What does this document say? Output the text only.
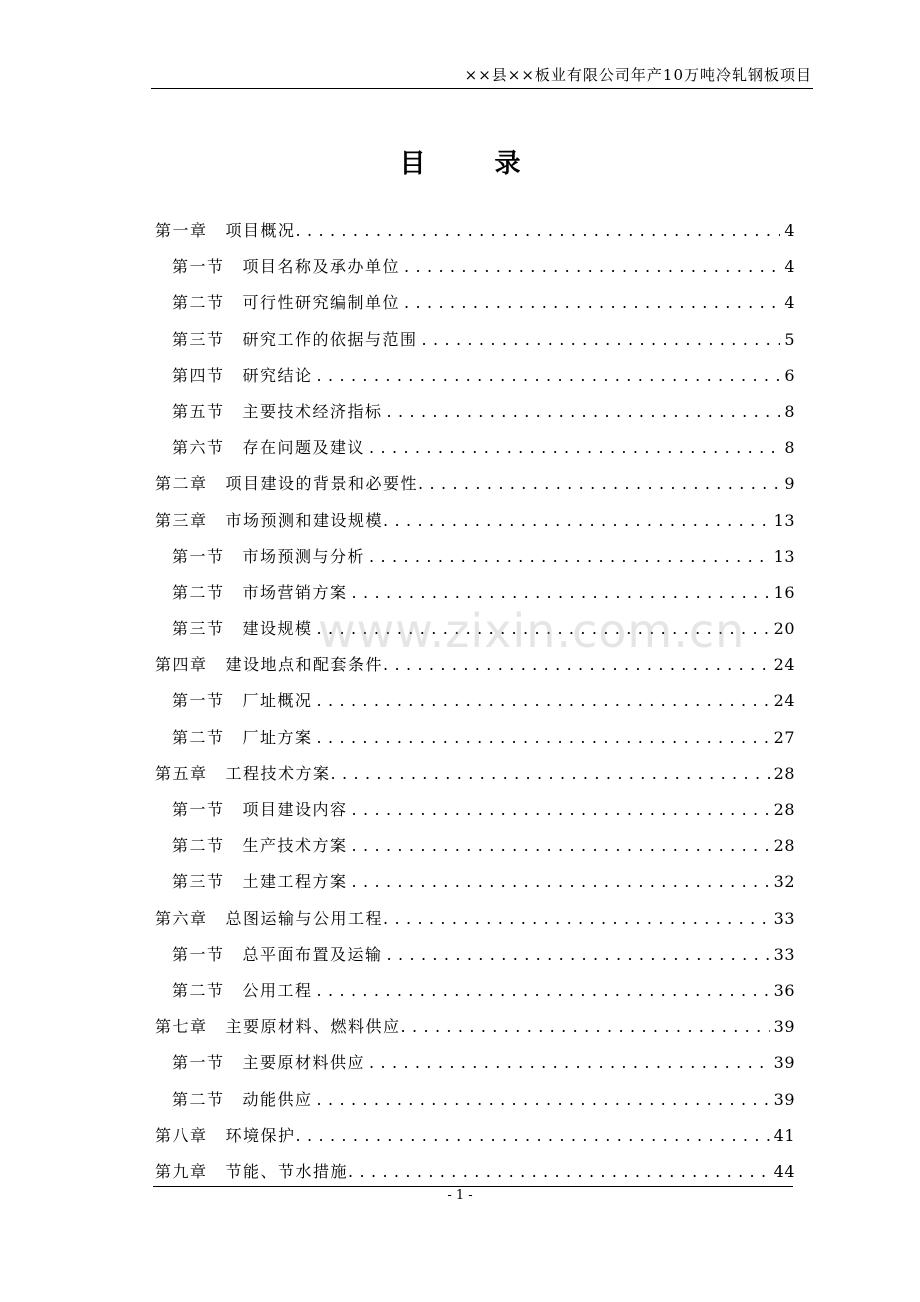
××县××板业有限公司年产10万吨冷轧钢板项目
目 录
第一章 项目概况 . . .	4
第一节 项目名称及承办单位 . . .	4
第二节 可行性研究编制单位 . . .	4
第三节 研究工作的依据与范围 . . .	5
第四节 研究结论 . . .	6
第五节 主要技术经济指标 . . .	8
第六节 存在问题及建议 . . .	8
第二章 项目建设的背景和必要性 . . .	9
第三章 市场预测和建设规模 . . .	13
第一节 市场预测与分析 . . .	13
第二节 市场营销方案 . . .	16
第三节 建设规模 . . .	20
第四章 建设地点和配套条件 . . .	24
第一节 厂址概况 . . .	24
第二节 厂址方案 . . .	27
第五章 工程技术方案 . . .	28
第一节 项目建设内容 . . .	28
第二节 生产技术方案 . . .	28
第三节 土建工程方案 . . .	32
第六章 总图运输与公用工程 . . .	33
第一节 总平面布置及运输 . . .	33
第二节 公用工程 . . .	36
第七章 主要原材料、燃料供应 . . .	39
第一节 主要原材料供应 . . .	39
第二节 动能供应 . . .	39
第八章 环境保护 . . .	41
第九章 节能、节水措施 . . .	44
www.zixin.com.cn
- 1 -
